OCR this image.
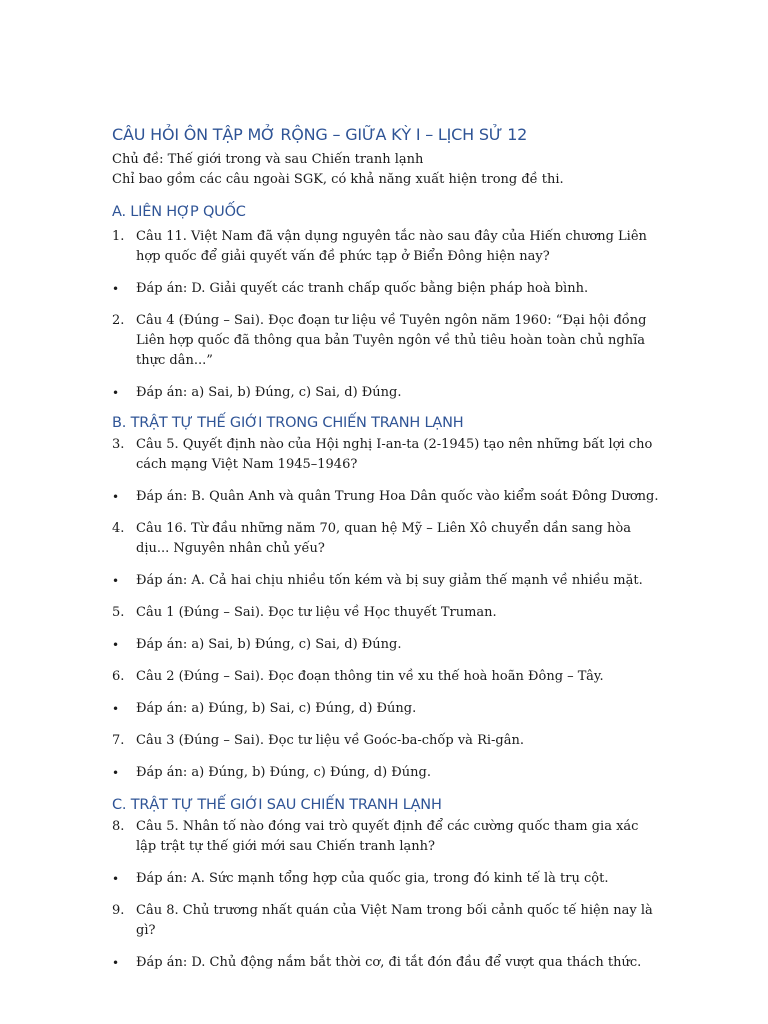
CÂU HỎI ÔN TẬP MỞ RỘNG – GIỮA KỲ I – LỊCH SỬ 12

Chủ đề: Thế giới trong và sau Chiến tranh lạnh

Chỉ bao gồm các câu ngoài SGK, có khả năng xuất hiện trong đề thi.

A. LIÊN HỢP QUỐC
1. Câu 11. Việt Nam đã vận dụng nguyên tắc nào sau đây của Hiến chương Liên hợp quốc để giải quyết vấn đề phức tạp ở Biển Đông hiện nay?
•	Đáp án: D. Giải quyết các tranh chấp quốc bằng biện pháp hoà bình.
2. Câu 4 (Đúng – Sai). Đọc đoạn tư liệu về Tuyên ngôn năm 1960: “Đại hội đồng Liên hợp quốc đã thông qua bản Tuyên ngôn về thủ tiêu hoàn toàn chủ nghĩa thực dân...”
•	Đáp án: a) Sai, b) Đúng, c) Sai, d) Đúng.
B. TRẬT TỰ THẾ GIỚI TRONG CHIẾN TRANH LẠNH
3. Câu 5. Quyết định nào của Hội nghị I-an-ta (2-1945) tạo nên những bất lợi cho cách mạng Việt Nam 1945–1946?
•	Đáp án: B. Quân Anh và quân Trung Hoa Dân quốc vào kiểm soát Đông Dương.
4. Câu 16. Từ đầu những năm 70, quan hệ Mỹ – Liên Xô chuyển dần sang hòa dịu... Nguyên nhân chủ yếu?
•	Đáp án: A. Cả hai chịu nhiều tốn kém và bị suy giảm thế mạnh về nhiều mặt.
5. Câu 1 (Đúng – Sai). Đọc tư liệu về Học thuyết Truman.
•	Đáp án: a) Sai, b) Đúng, c) Sai, d) Đúng.
6. Câu 2 (Đúng – Sai). Đọc đoạn thông tin về xu thế hoà hoãn Đông – Tây.
•	Đáp án: a) Đúng, b) Sai, c) Đúng, d) Đúng.
7. Câu 3 (Đúng – Sai). Đọc tư liệu về Goóc-ba-chốp và Ri-gân.
•	Đáp án: a) Đúng, b) Đúng, c) Đúng, d) Đúng.
C. TRẬT TỰ THẾ GIỚI SAU CHIẾN TRANH LẠNH
8. Câu 5. Nhân tố nào đóng vai trò quyết định để các cường quốc tham gia xác lập trật tự thế giới mới sau Chiến tranh lạnh?
•	Đáp án: A. Sức mạnh tổng hợp của quốc gia, trong đó kinh tế là trụ cột.
9. Câu 8. Chủ trương nhất quán của Việt Nam trong bối cảnh quốc tế hiện nay là gì?
•	Đáp án: D. Chủ động nắm bắt thời cơ, đi tắt đón đầu để vượt qua thách thức.
